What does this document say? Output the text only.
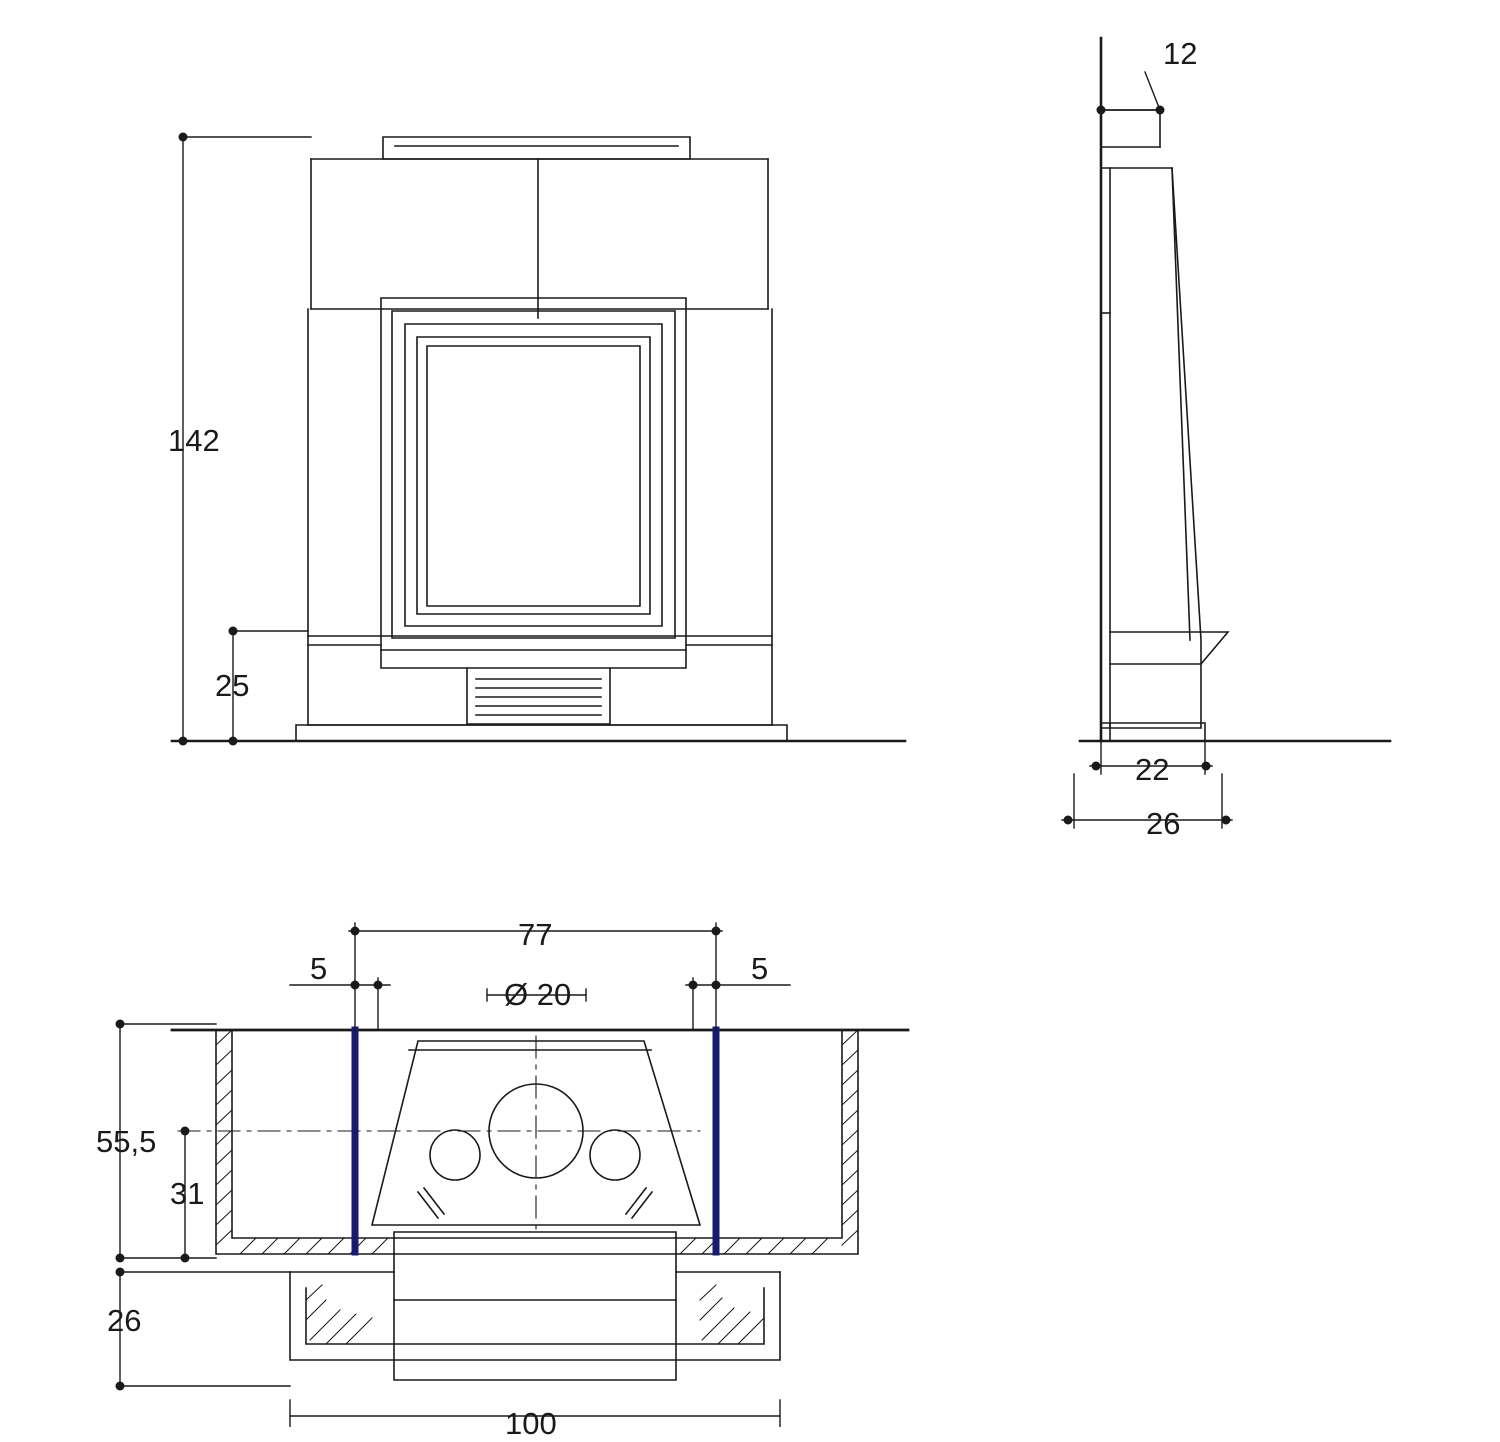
142
25
12
22
26
77
5	5
Ø 20
55,5
31
26
100
